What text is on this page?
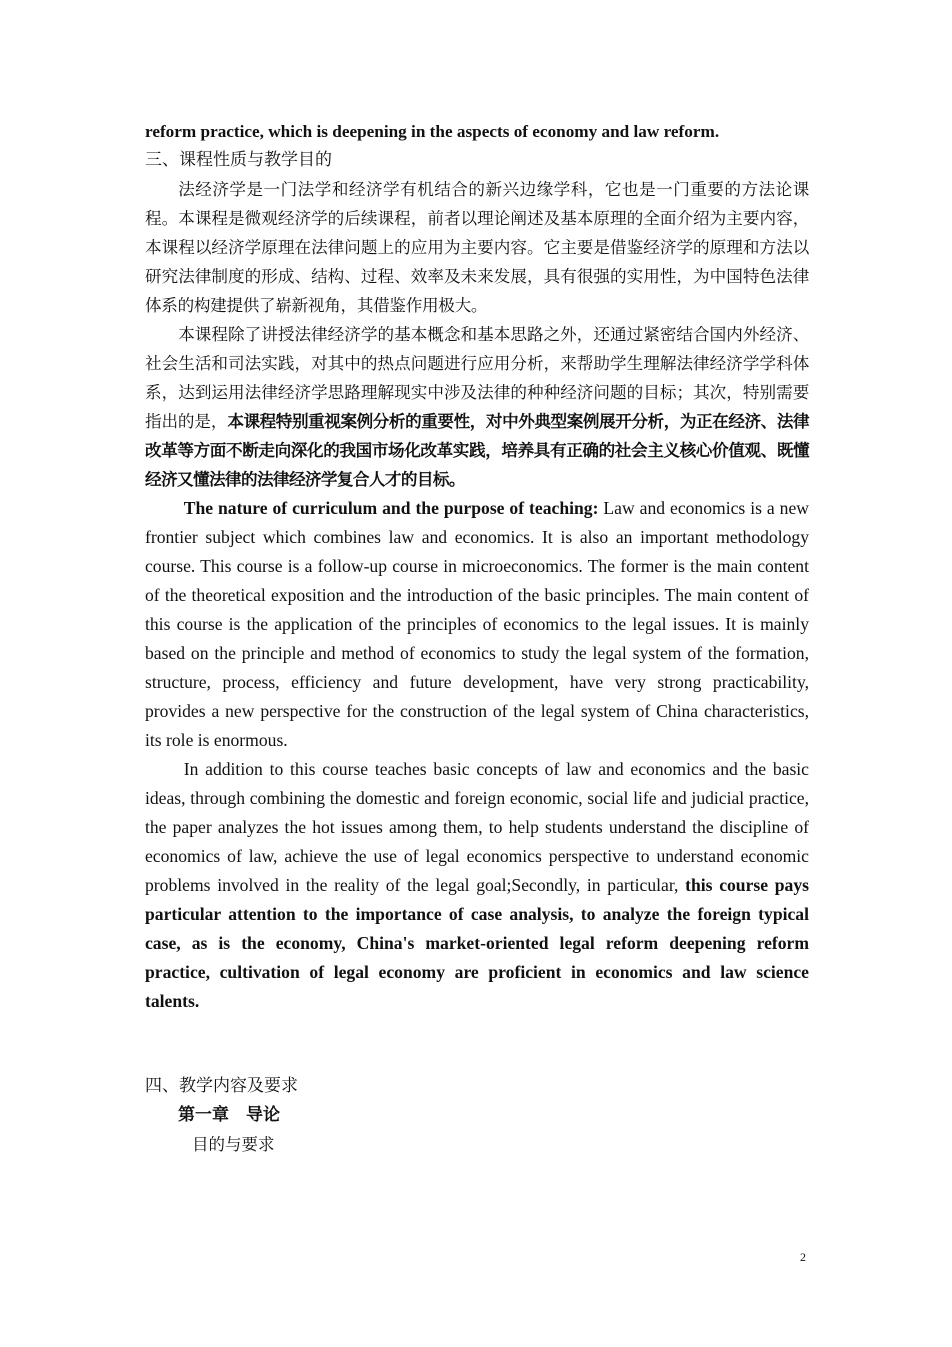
reform practice, which is deepening in the aspects of economy and law reform.

三、课程性质与教学目的

法经济学是一门法学和经济学有机结合的新兴边缘学科，它也是一门重要的方法论课程。本课程是微观经济学的后续课程，前者以理论阐述及基本原理的全面介绍为主要内容，本课程以经济学原理在法律问题上的应用为主要内容。它主要是借鉴经济学的原理和方法以研究法律制度的形成、结构、过程、效率及未来发展，具有很强的实用性，为中国特色法律体系的构建提供了崭新视角，其借鉴作用极大。

本课程除了讲授法律经济学的基本概念和基本思路之外，还通过紧密结合国内外经济、社会生活和司法实践，对其中的热点问题进行应用分析，来帮助学生理解法律经济学学科体系，达到运用法律经济学思路理解现实中涉及法律的种种经济问题的目标；其次，特别需要指出的是，本课程特别重视案例分析的重要性，对中外典型案例展开分析，为正在经济、法律改革等方面不断走向深化的我国市场化改革实践，培养具有正确的社会主义核心价值观、既懂经济又懂法律的法律经济学复合人才的目标。

The nature of curriculum and the purpose of teaching: Law and economics is a new frontier subject which combines law and economics. It is also an important methodology course. This course is a follow-up course in microeconomics. The former is the main content of the theoretical exposition and the introduction of the basic principles. The main content of this course is the application of the principles of economics to the legal issues. It is mainly based on the principle and method of economics to study the legal system of the formation, structure, process, efficiency and future development, have very strong practicability, provides a new perspective for the construction of the legal system of China characteristics, its role is enormous.

In addition to this course teaches basic concepts of law and economics and the basic ideas, through combining the domestic and foreign economic, social life and judicial practice, the paper analyzes the hot issues among them, to help students understand the discipline of economics of law, achieve the use of legal economics perspective to understand economic problems involved in the reality of the legal goal;Secondly, in particular, this course pays particular attention to the importance of case analysis, to analyze the foreign typical case, as is the economy, China's market-oriented legal reform deepening reform practice, cultivation of legal economy are proficient in economics and law science talents.

四、教学内容及要求

第一章　导论

目的与要求

2
